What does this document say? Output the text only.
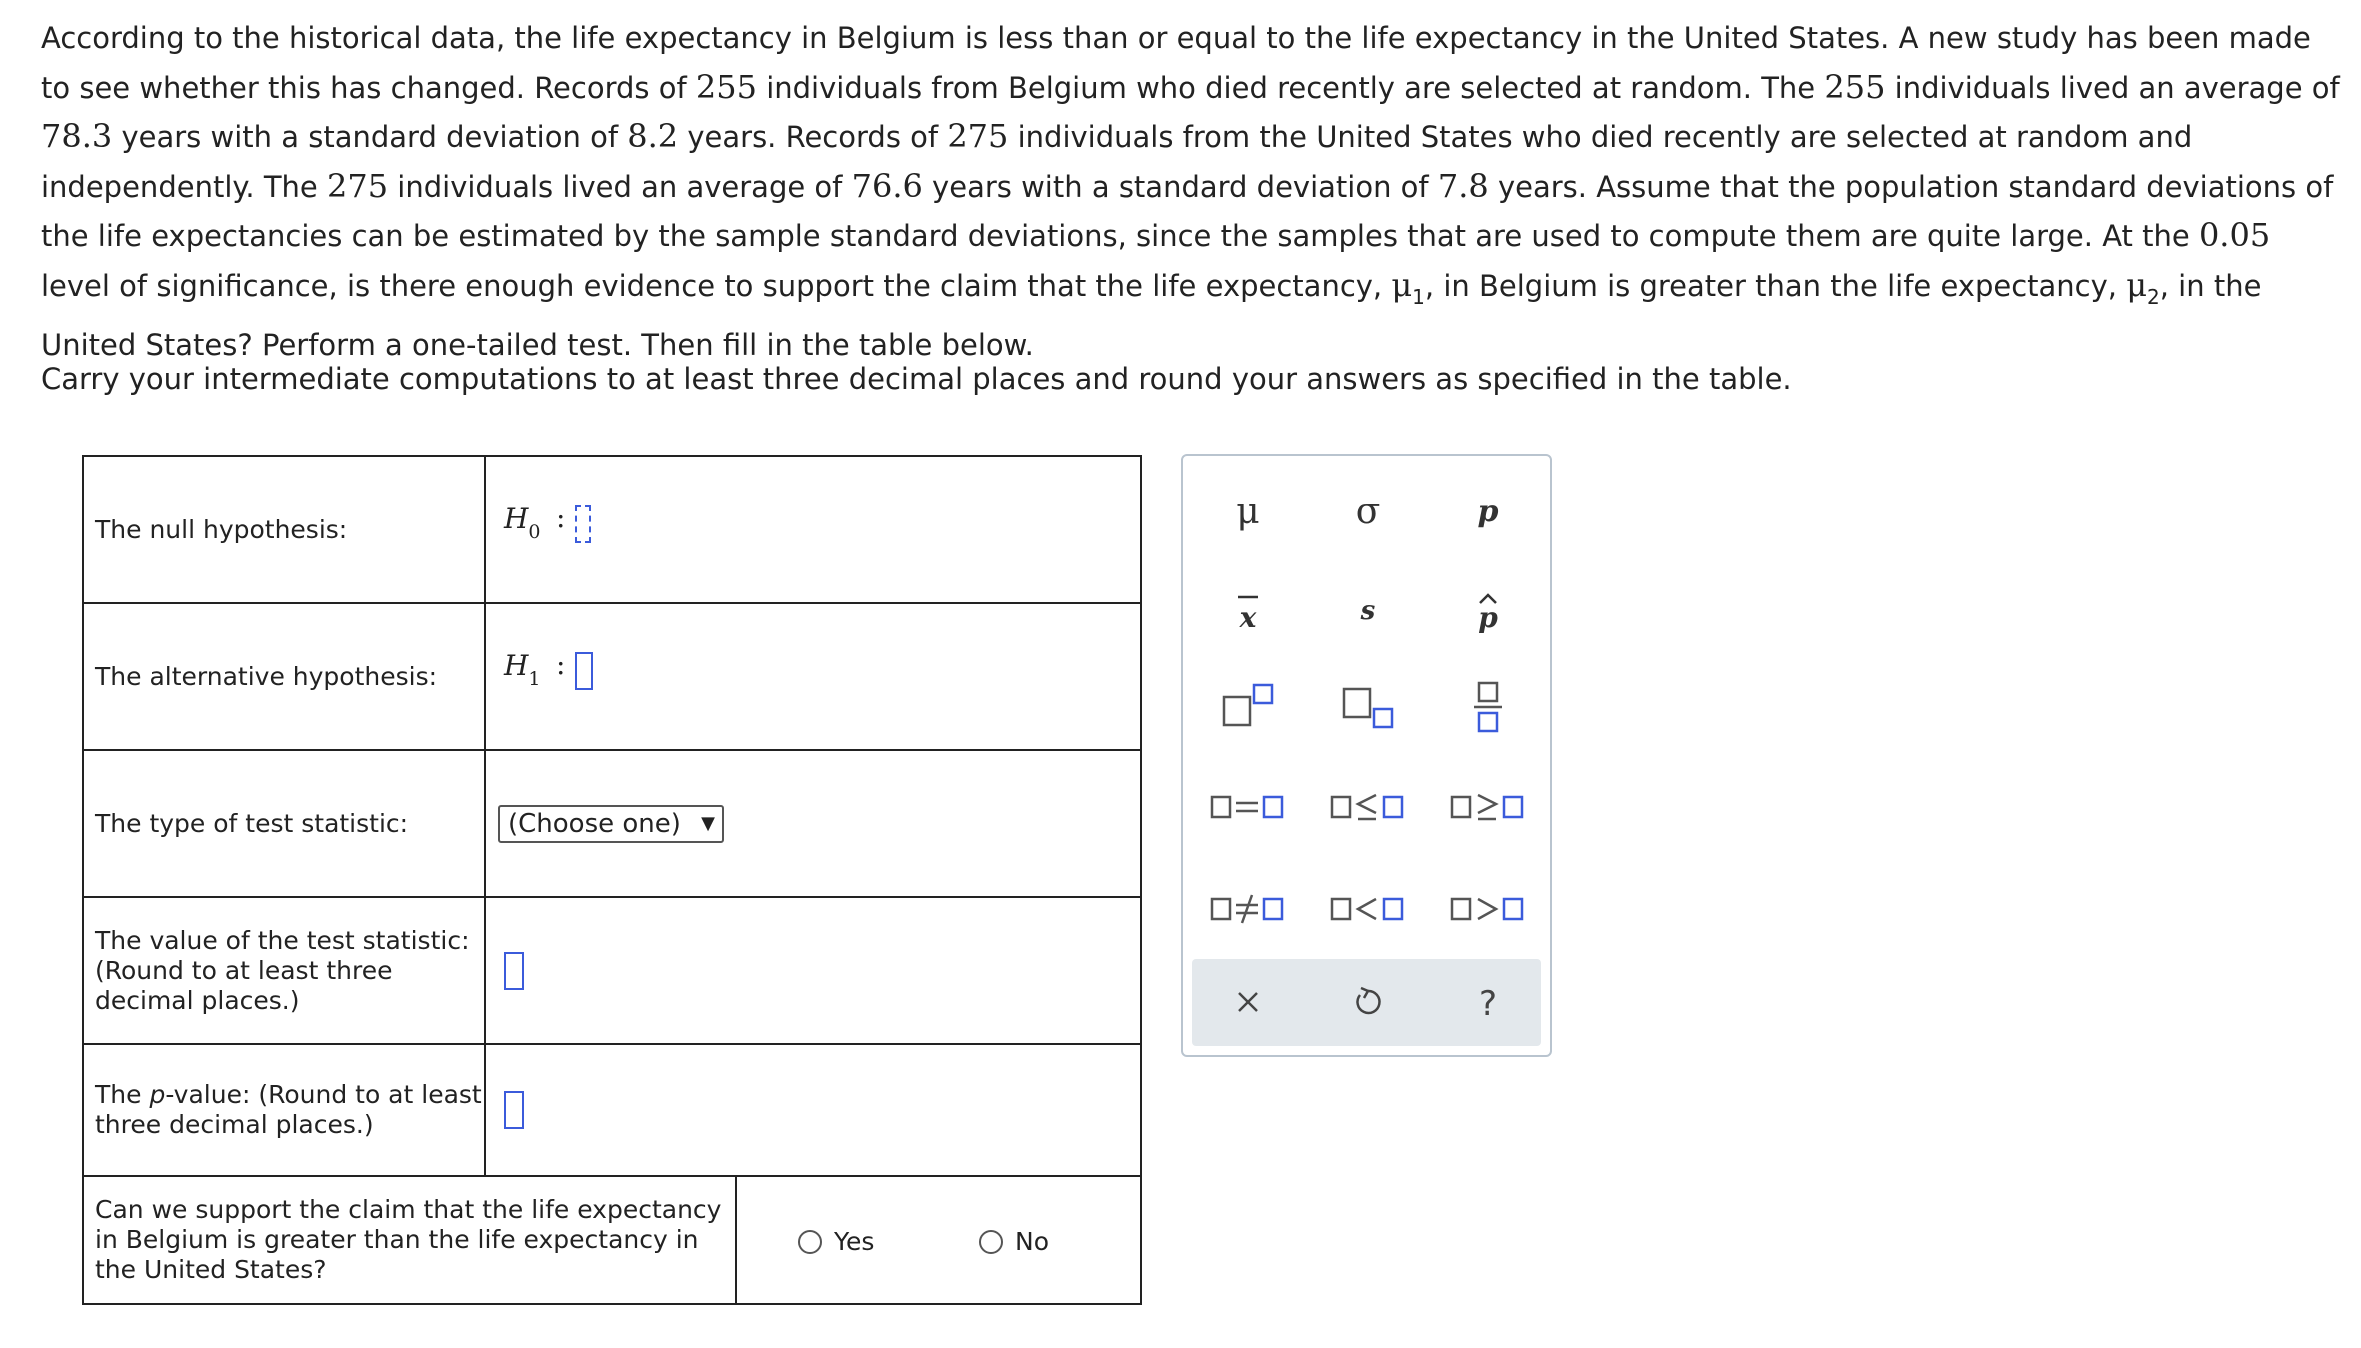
According to the historical data, the life expectancy in Belgium is less than or equal to the life expectancy in the United States. A new study has been made to see whether this has changed. Records of 255 individuals from Belgium who died recently are selected at random. The 255 individuals lived an average of 78.3 years with a standard deviation of 8.2 years. Records of 275 individuals from the United States who died recently are selected at random and independently. The 275 individuals lived an average of 76.6 years with a standard deviation of 7.8 years. Assume that the population standard deviations of the life expectancies can be estimated by the sample standard deviations, since the samples that are used to compute them are quite large. At the 0.05 level of significance, is there enough evidence to support the claim that the life expectancy, $\mu_1$, in Belgium is greater than the life expectancy, $\mu_2$, in the United States? Perform a one-tailed test. Then fill in the table below.
Carry your intermediate computations to at least three decimal places and round your answers as specified in the table.
The null hypothesis:	$H_0$ :
The alternative hypothesis:	$H_1$ :
The type of test statistic:	(Choose one) ▼
The value of the test statistic: (Round to at least three decimal places.)
The p-value: (Round to at least three decimal places.)
Can we support the claim that the life expectancy in Belgium is greater than the life expectancy in the United States?
Yes	No
μ	σ	p
x	s	p
?
